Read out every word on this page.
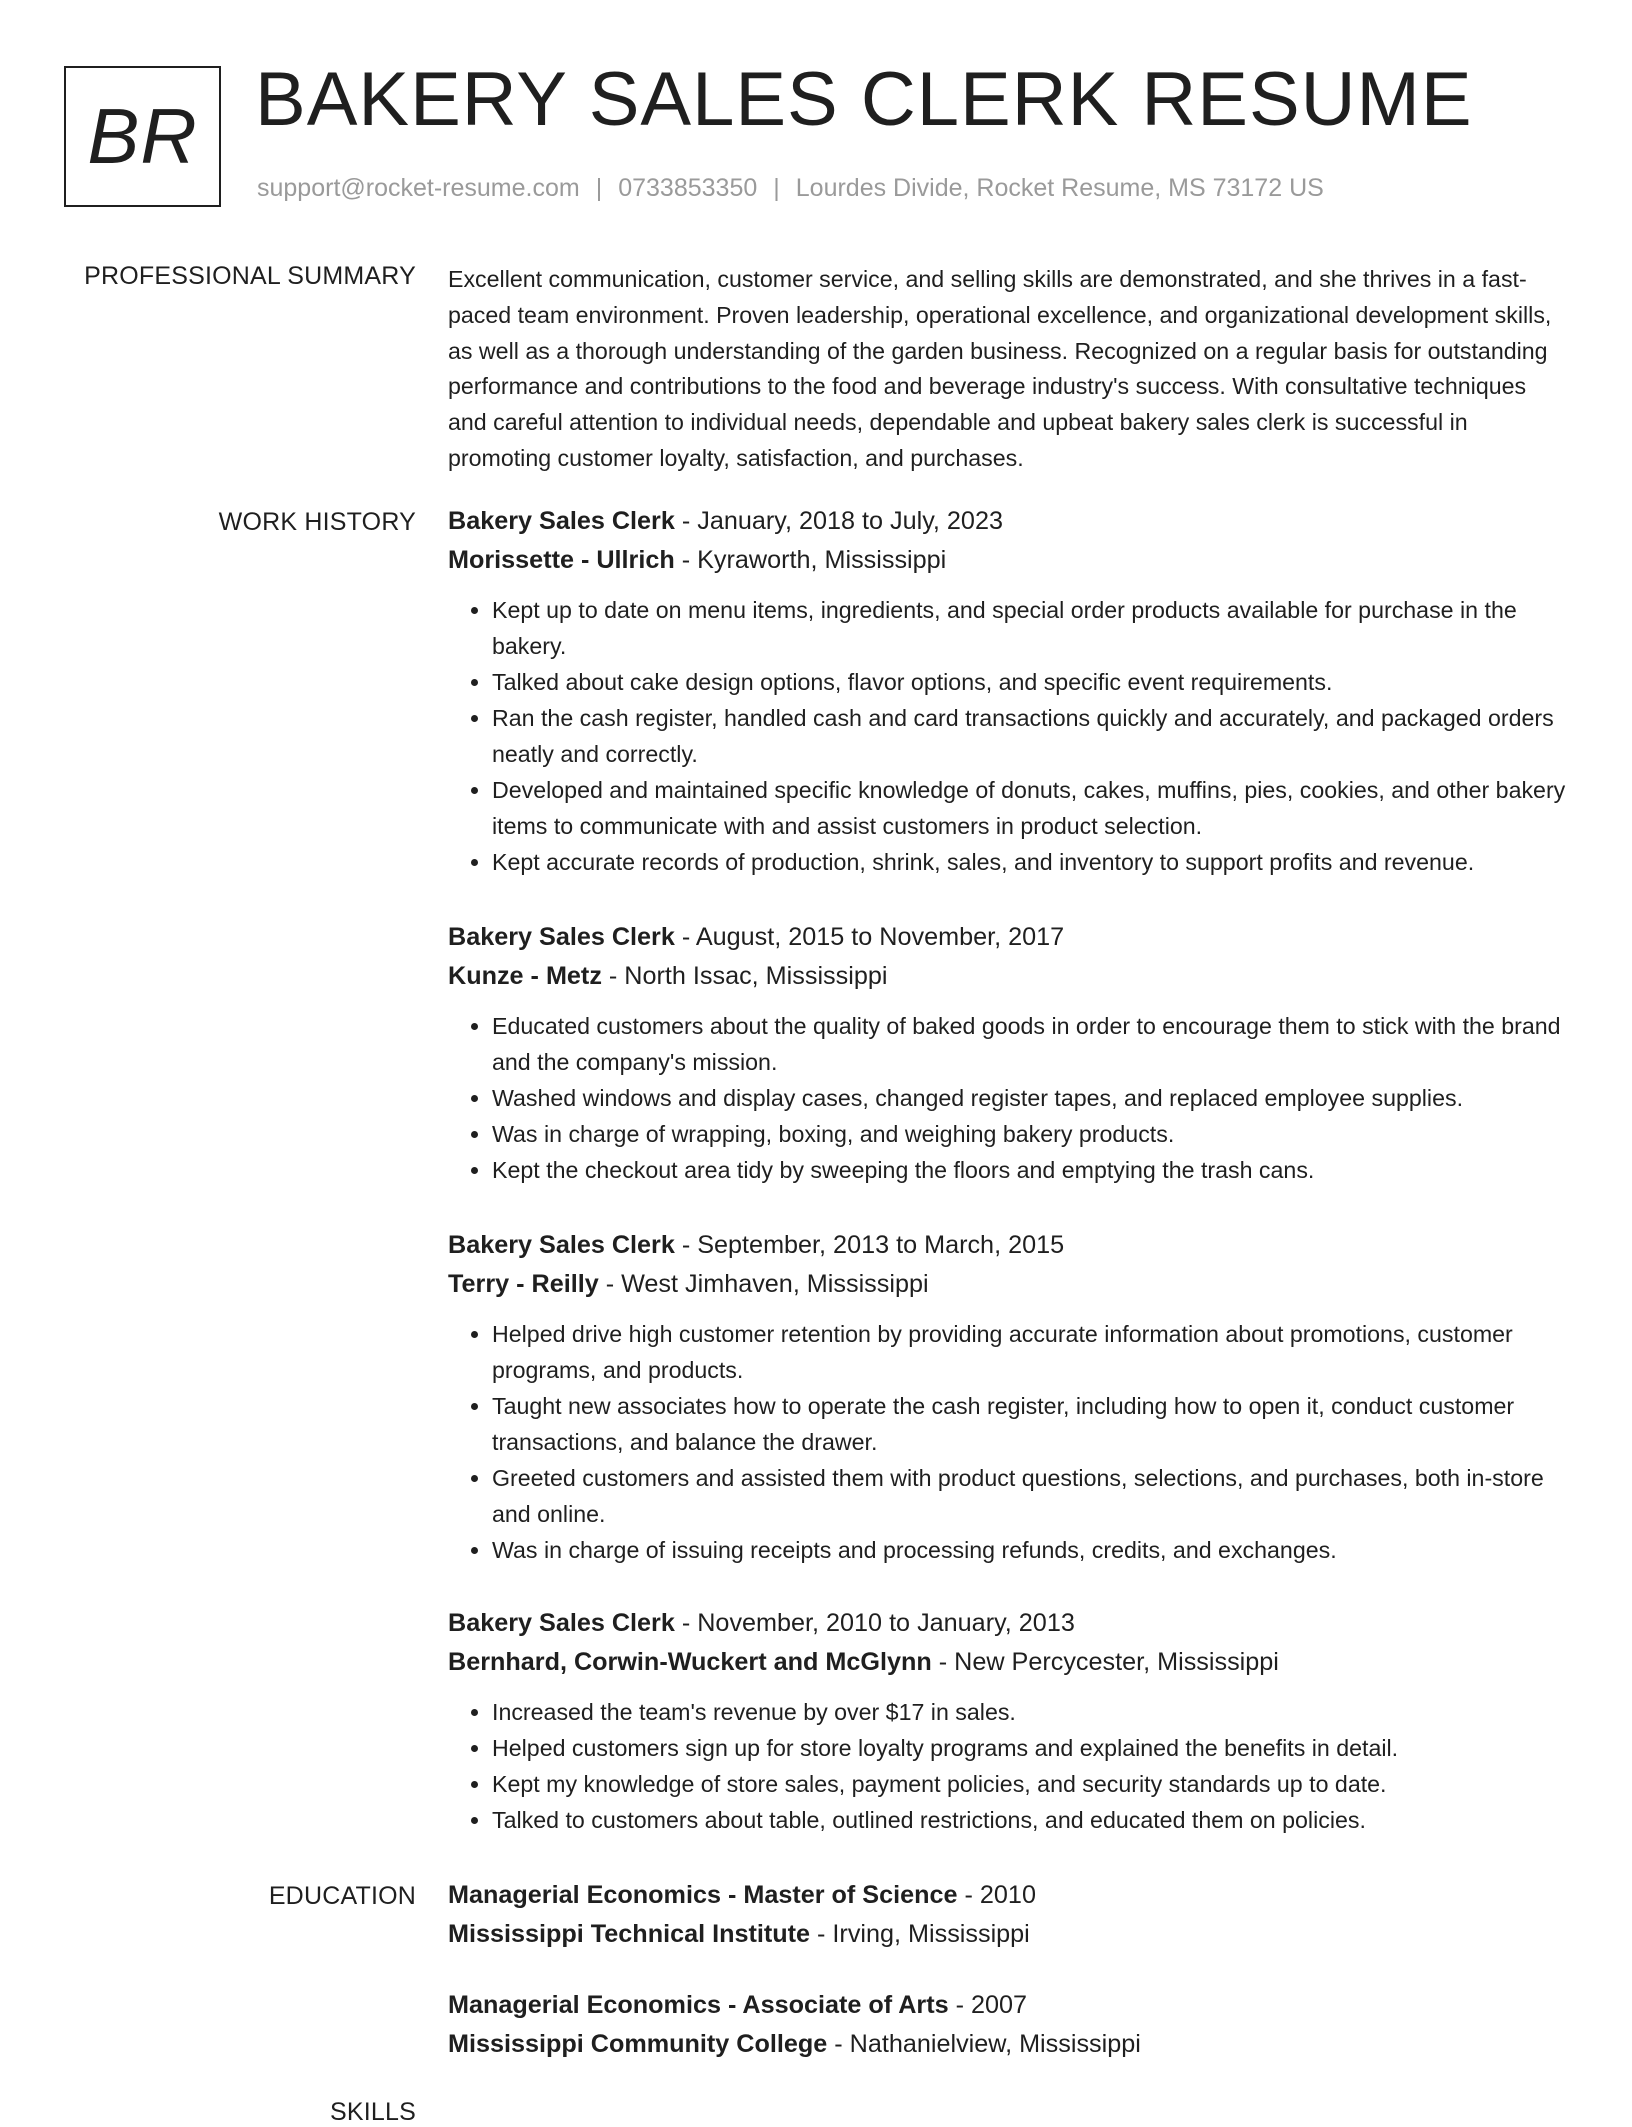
BR BAKERY SALES CLERK RESUME
support@rocket-resume.com | 0733853350 | Lourdes Divide, Rocket Resume, MS 73172 US
PROFESSIONAL SUMMARY Excellent communication, customer service, and selling skills are demonstrated, and she thrives in a fast-paced team environment. Proven leadership, operational excellence, and organizational development skills, as well as a thorough understanding of the garden business. Recognized on a regular basis for outstanding performance and contributions to the food and beverage industry's success. With consultative techniques and careful attention to individual needs, dependable and upbeat bakery sales clerk is successful in promoting customer loyalty, satisfaction, and purchases.

WORK HISTORY Bakery Sales Clerk - January, 2018 to July, 2023
Morissette - Ullrich - Kyraworth, Mississippi
• Kept up to date on menu items, ingredients, and special order products available for purchase in the bakery.
• Talked about cake design options, flavor options, and specific event requirements.
• Ran the cash register, handled cash and card transactions quickly and accurately, and packaged orders neatly and correctly.
• Developed and maintained specific knowledge of donuts, cakes, muffins, pies, cookies, and other bakery items to communicate with and assist customers in product selection.
• Kept accurate records of production, shrink, sales, and inventory to support profits and revenue.
Bakery Sales Clerk - August, 2015 to November, 2017
Kunze - Metz - North Issac, Mississippi
• Educated customers about the quality of baked goods in order to encourage them to stick with the brand and the company's mission.
• Washed windows and display cases, changed register tapes, and replaced employee supplies.
• Was in charge of wrapping, boxing, and weighing bakery products.
• Kept the checkout area tidy by sweeping the floors and emptying the trash cans.
Bakery Sales Clerk - September, 2013 to March, 2015
Terry - Reilly - West Jimhaven, Mississippi
• Helped drive high customer retention by providing accurate information about promotions, customer programs, and products.
• Taught new associates how to operate the cash register, including how to open it, conduct customer transactions, and balance the drawer.
• Greeted customers and assisted them with product questions, selections, and purchases, both in-store and online.
• Was in charge of issuing receipts and processing refunds, credits, and exchanges.
Bakery Sales Clerk - November, 2010 to January, 2013
Bernhard, Corwin-Wuckert and McGlynn - New Percycester, Mississippi
• Increased the team's revenue by over $17 in sales.
• Helped customers sign up for store loyalty programs and explained the benefits in detail.
• Kept my knowledge of store sales, payment policies, and security standards up to date.
• Talked to customers about table, outlined restrictions, and educated them on policies.
EDUCATION Managerial Economics - Master of Science - 2010
Mississippi Technical Institute - Irving, Mississippi
Managerial Economics - Associate of Arts - 2007
Mississippi Community College - Nathanielview, Mississippi
SKILLS
